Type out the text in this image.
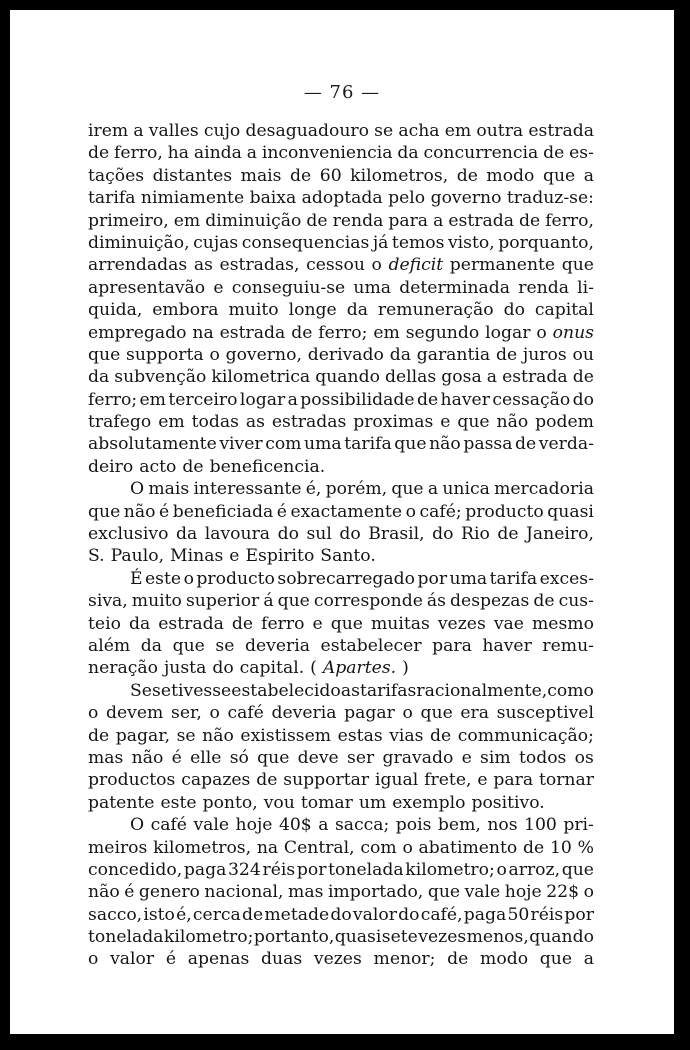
— 76 —
irem a valles cujo desaguadouro se acha em outra estrada
de ferro, ha ainda a inconveniencia da concurrencia de es-
tações distantes mais de 60 kilometros, de modo que a
tarifa nimiamente baixa adoptada pelo governo traduz-se:
primeiro, em diminuição de renda para a estrada de ferro,
diminuição, cujas consequencias já temos visto, porquanto,
arrendadas as estradas, cessou o deficit permanente que
apresentavão e conseguiu-se uma determinada renda li-
quida, embora muito longe da remuneração do capital
empregado na estrada de ferro; em segundo logar o onus
que supporta o governo, derivado da garantia de juros ou
da subvenção kilometrica quando dellas gosa a estrada de
ferro; em terceiro logar a possibilidade de haver cessação do
trafego em todas as estradas proximas e que não podem
absolutamente viver com uma tarifa que não passa de verda-
deiro acto de beneficencia.
O mais interessante é, porém, que a unica mercadoria
que não é beneficiada é exactamente o café; producto quasi
exclusivo da lavoura do sul do Brasil, do Rio de Janeiro,
S. Paulo, Minas e Espirito Santo.
É este o producto sobrecarregado por uma tarifa exces-
siva, muito superior á que corresponde ás despezas de cus-
teio da estrada de ferro e que muitas vezes vae mesmo
além da que se deveria estabelecer para haver remu-
neração justa do capital. ( Apartes. )
Se se tivesse estabelecido as tarifas racionalmente, como
o devem ser, o café deveria pagar o que era susceptivel
de pagar, se não existissem estas vias de communicação;
mas não é elle só que deve ser gravado e sim todos os
productos capazes de supportar igual frete, e para tornar
patente este ponto, vou tomar um exemplo positivo.
O café vale hoje 40$ a sacca; pois bem, nos 100 pri-
meiros kilometros, na Central, com o abatimento de 10 %
concedido, paga 324 réis por tonelada kilometro; o arroz, que
não é genero nacional, mas importado, que vale hoje 22$ o
sacco, isto é, cerca de metade do valor do café, paga 50 réis por
tonelada kilometro; portanto, quasi sete vezes menos, quando
o valor é apenas duas vezes menor; de modo que a
